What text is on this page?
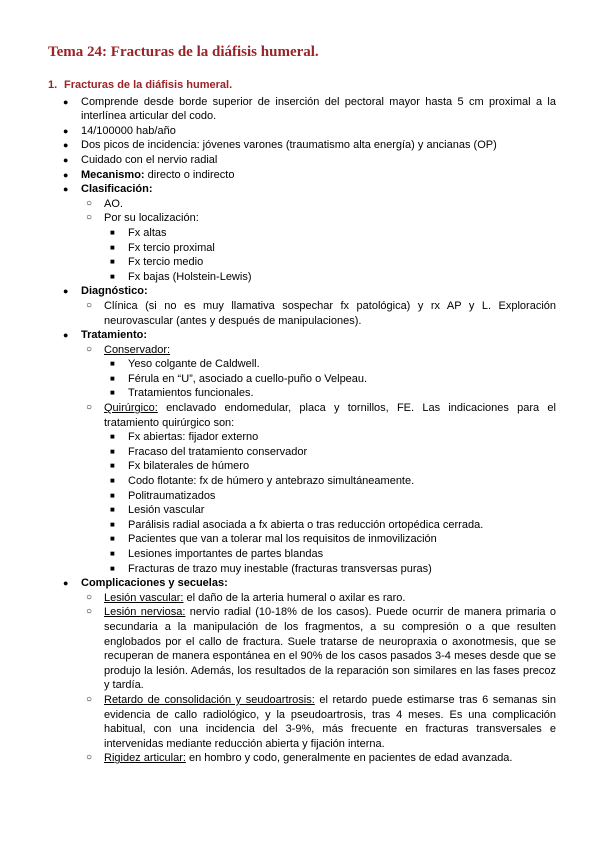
Tema 24: Fracturas de la diáfisis humeral.
1. Fracturas de la diáfisis humeral.
● Comprende desde borde superior de inserción del pectoral mayor hasta 5 cm proximal a la interlínea articular del codo.
● 14/100000 hab/año
● Dos picos de incidencia: jóvenes varones (traumatismo alta energía) y ancianas (OP)
● Cuidado con el nervio radial
● Mecanismo: directo o indirecto
● Clasificación:
○ AO.
○ Por su localización:
■ Fx altas
■ Fx tercio proximal
■ Fx tercio medio
■ Fx bajas (Holstein-Lewis)
● Diagnóstico:
○ Clínica (si no es muy llamativa sospechar fx patológica) y rx AP y L. Exploración neurovascular (antes y después de manipulaciones).
● Tratamiento:
○ Conservador:
■ Yeso colgante de Caldwell.
■ Férula en “U”, asociado a cuello-puño o Velpeau.
■ Tratamientos funcionales.
○ Quirúrgico: enclavado endomedular, placa y tornillos, FE. Las indicaciones para el tratamiento quirúrgico son:
■ Fx abiertas: fijador externo
■ Fracaso del tratamiento conservador
■ Fx bilaterales de húmero
■ Codo flotante: fx de húmero y antebrazo simultáneamente.
■ Politraumatizados
■ Lesión vascular
■ Parálisis radial asociada a fx abierta o tras reducción ortopédica cerrada.
■ Pacientes que van a tolerar mal los requisitos de inmovilización
■ Lesiones importantes de partes blandas
■ Fracturas de trazo muy inestable (fracturas transversas puras)
● Complicaciones y secuelas:
○ Lesión vascular: el daño de la arteria humeral o axilar es raro.
○ Lesión nerviosa: nervio radial (10-18% de los casos). Puede ocurrir de manera primaria o secundaria a la manipulación de los fragmentos, a su compresión o a que resulten englobados por el callo de fractura. Suele tratarse de neuropraxia o axonotmesis, que se recuperan de manera espontánea en el 90% de los casos pasados 3-4 meses desde que se produjo la lesión. Además, los resultados de la reparación son similares en las fases precoz y tardía.
○ Retardo de consolidación y seudoartrosis: el retardo puede estimarse tras 6 semanas sin evidencia de callo radiológico, y la pseudoartrosis, tras 4 meses. Es una complicación habitual, con una incidencia del 3-9%, más frecuente en fracturas transversales e intervenidas mediante reducción abierta y fijación interna.
○ Rigidez articular: en hombro y codo, generalmente en pacientes de edad avanzada.
